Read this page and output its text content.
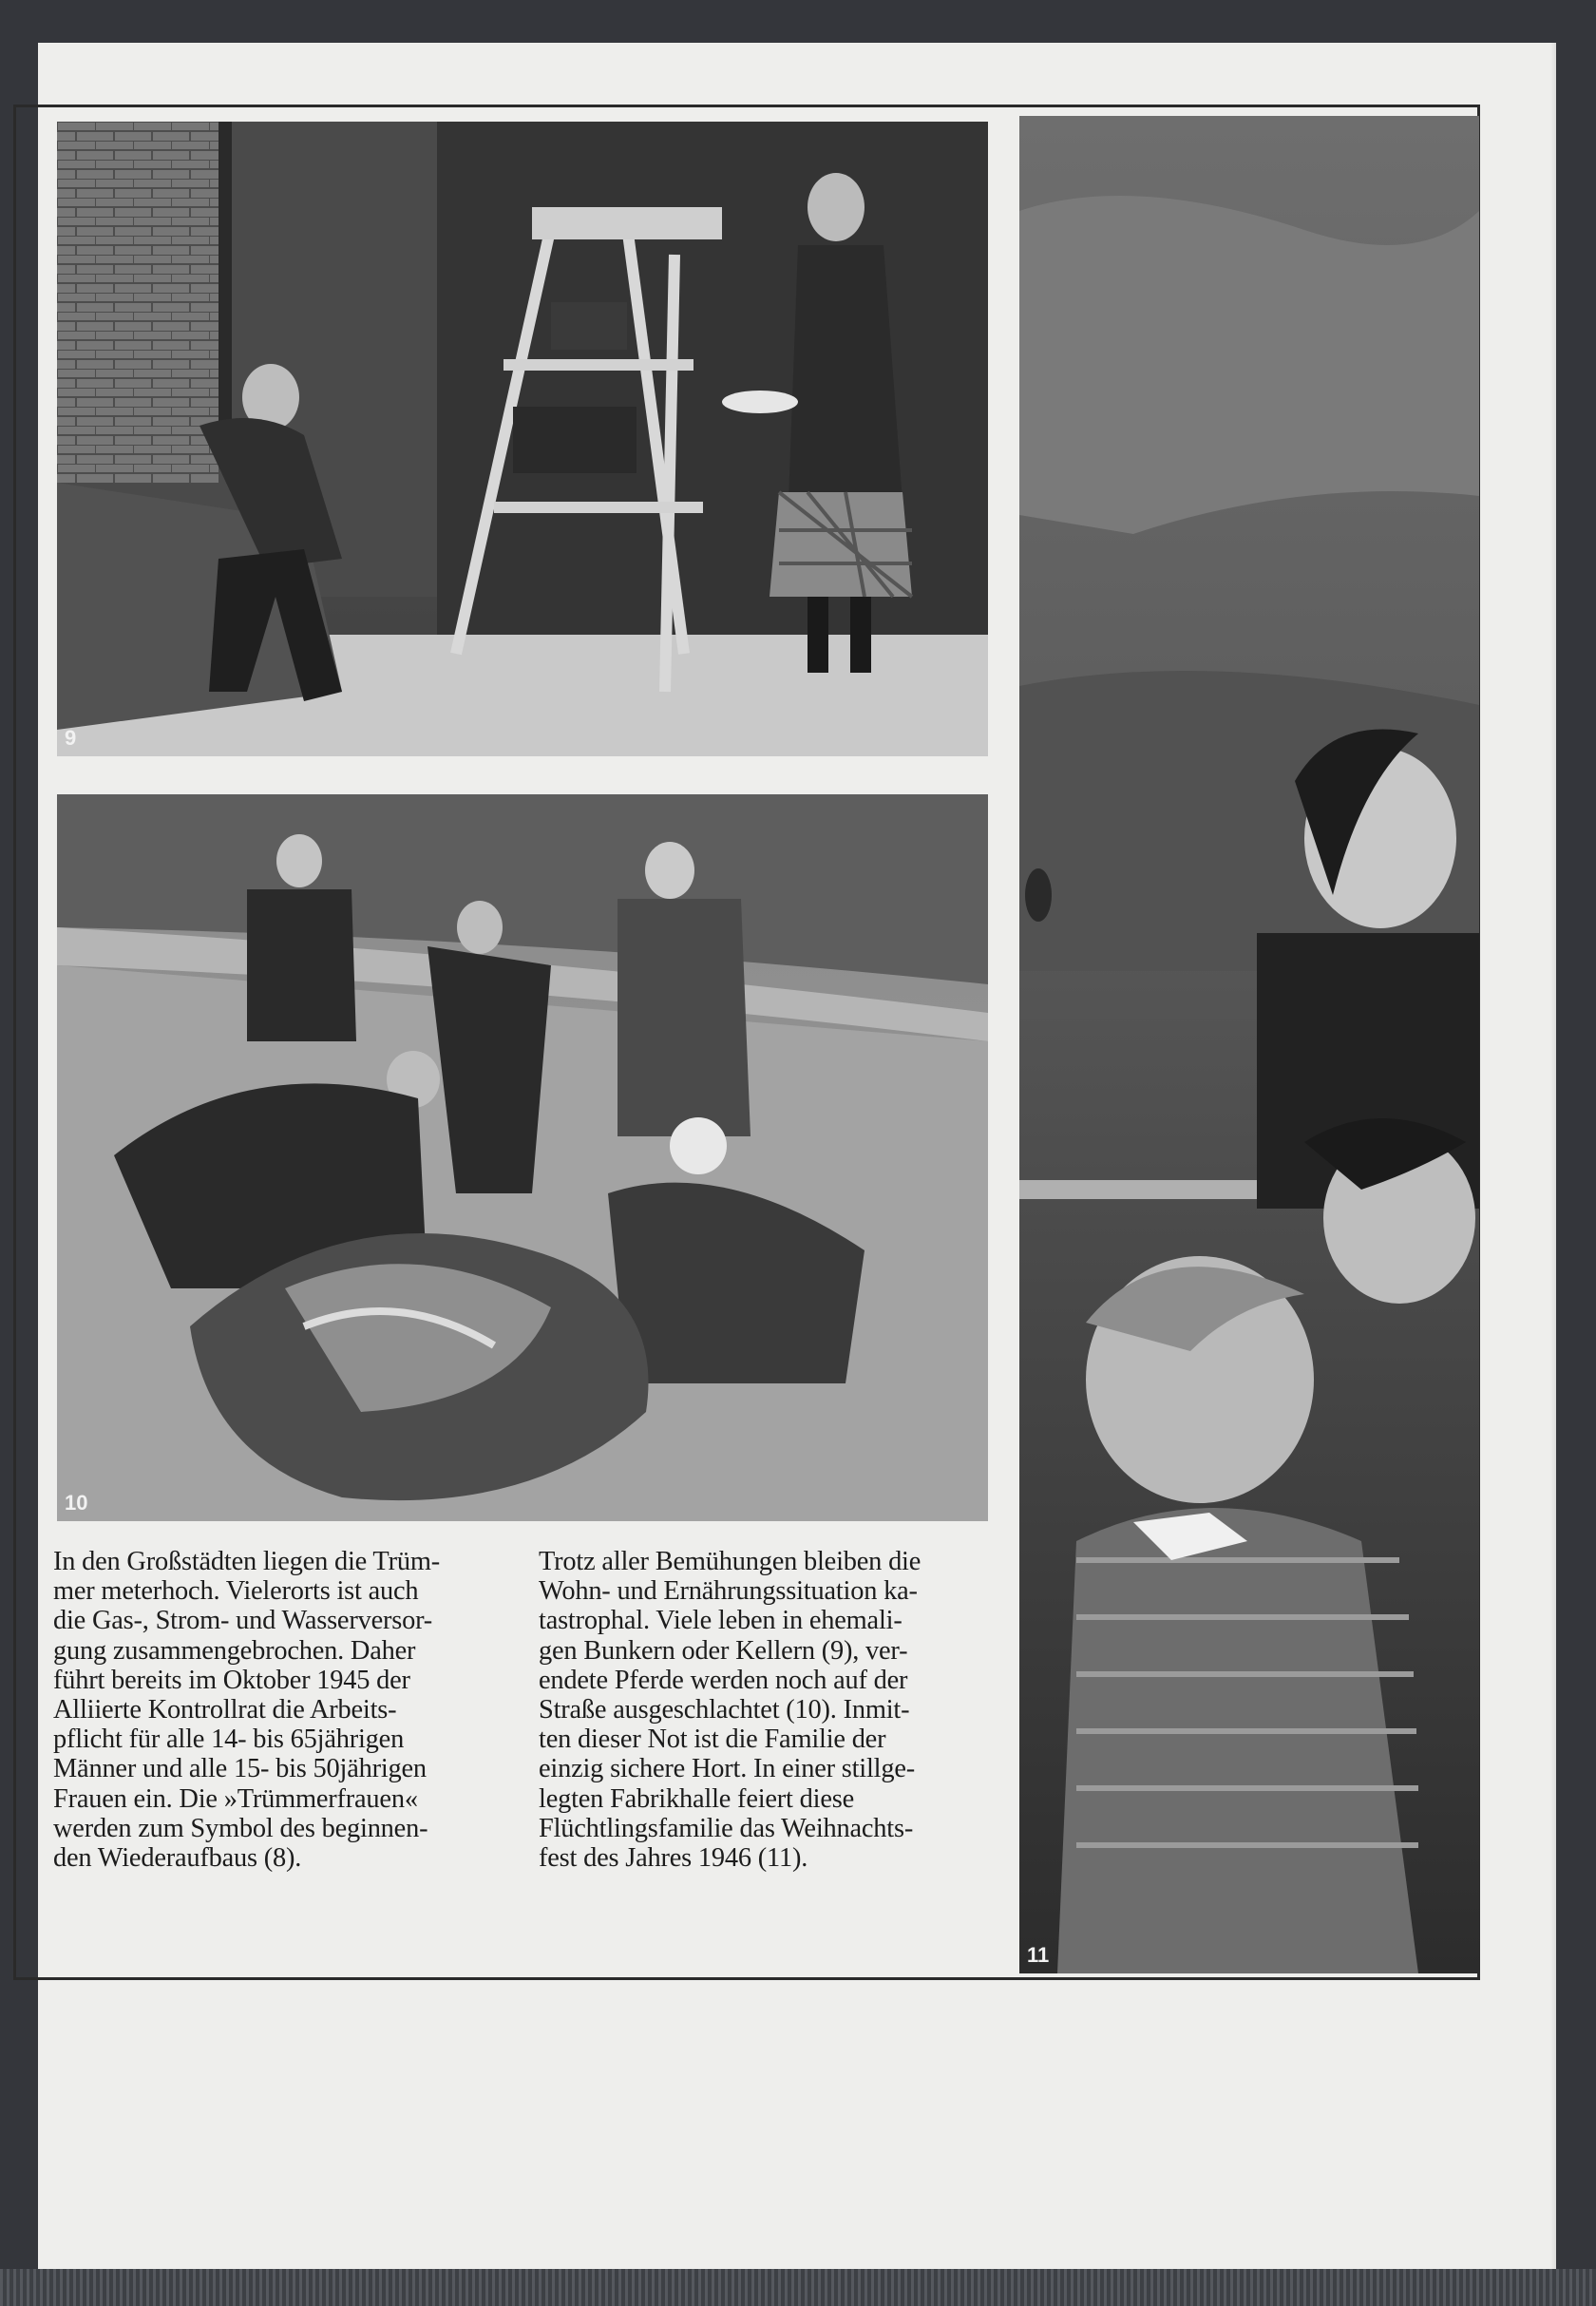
9
10
11
In den Großstädten liegen die Trüm-
mer meterhoch. Vielerorts ist auch
die Gas-, Strom- und Wasserversor-
gung zusammengebrochen. Daher
führt bereits im Oktober 1945 der
Alliierte Kontrollrat die Arbeits-
pflicht für alle 14- bis 65jährigen
Männer und alle 15- bis 50jährigen
Frauen ein. Die »Trümmerfrauen«
werden zum Symbol des beginnen-
den Wiederaufbaus (8).
Trotz aller Bemühungen bleiben die
Wohn- und Ernährungssituation ka-
tastrophal. Viele leben in ehemali-
gen Bunkern oder Kellern (9), ver-
endete Pferde werden noch auf der
Straße ausgeschlachtet (10). Inmit-
ten dieser Not ist die Familie der
einzig sichere Hort. In einer stillge-
legten Fabrikhalle feiert diese
Flüchtlingsfamilie das Weihnachts-
fest des Jahres 1946 (11).
